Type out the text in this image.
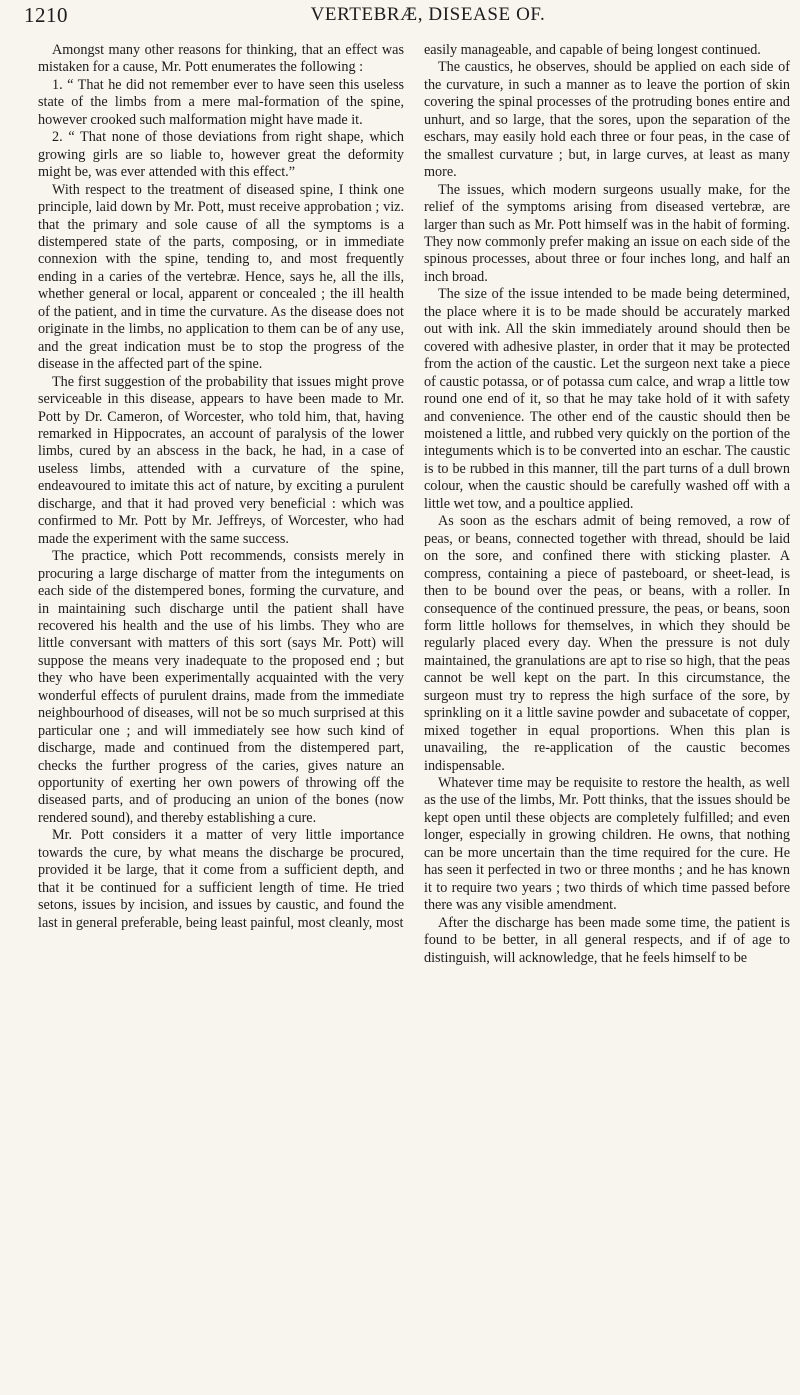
1210	VERTEBRÆ, DISEASE OF.

Amongst many other reasons for thinking, that an effect was mistaken for a cause, Mr. Pott enumerates the following :

1. “ That he did not remember ever to have seen this useless state of the limbs from a mere mal-formation of the spine, however crooked such malformation might have made it.

2. “ That none of those deviations from right shape, which growing girls are so liable to, however great the deformity might be, was ever attended with this effect.”

With respect to the treatment of diseased spine, I think one principle, laid down by Mr. Pott, must receive approbation ; viz. that the primary and sole cause of all the symptoms is a distempered state of the parts, composing, or in immediate connexion with the spine, tending to, and most frequently ending in a caries of the vertebræ. Hence, says he, all the ills, whether general or local, apparent or concealed ; the ill health of the patient, and in time the curvature. As the disease does not originate in the limbs, no application to them can be of any use, and the great indication must be to stop the progress of the disease in the affected part of the spine.

The first suggestion of the probability that issues might prove serviceable in this disease, appears to have been made to Mr. Pott by Dr. Cameron, of Worcester, who told him, that, having remarked in Hippocrates, an account of paralysis of the lower limbs, cured by an abscess in the back, he had, in a case of useless limbs, attended with a curvature of the spine, endeavoured to imitate this act of nature, by exciting a purulent discharge, and that it had proved very beneficial : which was confirmed to Mr. Pott by Mr. Jeffreys, of Worcester, who had made the experiment with the same success.

The practice, which Pott recommends, consists merely in procuring a large discharge of matter from the integuments on each side of the distempered bones, forming the curvature, and in maintaining such discharge until the patient shall have recovered his health and the use of his limbs. They who are little conversant with matters of this sort (says Mr. Pott) will suppose the means very inadequate to the proposed end ; but they who have been experimentally acquainted with the very wonderful effects of purulent drains, made from the immediate neighbourhood of diseases, will not be so much surprised at this particular one ; and will immediately see how such kind of discharge, made and continued from the distempered part, checks the further progress of the caries, gives nature an opportunity of exerting her own powers of throwing off the diseased parts, and of producing an union of the bones (now rendered sound), and thereby establishing a cure.

Mr. Pott considers it a matter of very little importance towards the cure, by what means the discharge be procured, provided it be large, that it come from a sufficient depth, and that it be continued for a sufficient length of time. He tried setons, issues by incision, and issues by caustic, and found the last in general preferable, being least painful, most cleanly, most

easily manageable, and capable of being longest continued.

The caustics, he observes, should be applied on each side of the curvature, in such a manner as to leave the portion of skin covering the spinal processes of the protruding bones entire and unhurt, and so large, that the sores, upon the separation of the eschars, may easily hold each three or four peas, in the case of the smallest curvature ; but, in large curves, at least as many more.

The issues, which modern surgeons usually make, for the relief of the symptoms arising from diseased vertebræ, are larger than such as Mr. Pott himself was in the habit of forming. They now commonly prefer making an issue on each side of the spinous processes, about three or four inches long, and half an inch broad.

The size of the issue intended to be made being determined, the place where it is to be made should be accurately marked out with ink. All the skin immediately around should then be covered with adhesive plaster, in order that it may be protected from the action of the caustic. Let the surgeon next take a piece of caustic potassa, or of potassa cum calce, and wrap a little tow round one end of it, so that he may take hold of it with safety and convenience. The other end of the caustic should then be moistened a little, and rubbed very quickly on the portion of the integuments which is to be converted into an eschar. The caustic is to be rubbed in this manner, till the part turns of a dull brown colour, when the caustic should be carefully washed off with a little wet tow, and a poultice applied.

As soon as the eschars admit of being removed, a row of peas, or beans, connected together with thread, should be laid on the sore, and confined there with sticking plaster. A compress, containing a piece of pasteboard, or sheet-lead, is then to be bound over the peas, or beans, with a roller. In consequence of the continued pressure, the peas, or beans, soon form little hollows for themselves, in which they should be regularly placed every day. When the pressure is not duly maintained, the granulations are apt to rise so high, that the peas cannot be well kept on the part. In this circumstance, the surgeon must try to repress the high surface of the sore, by sprinkling on it a little savine powder and subacetate of copper, mixed together in equal proportions. When this plan is unavailing, the re-application of the caustic becomes indispensable.

Whatever time may be requisite to restore the health, as well as the use of the limbs, Mr. Pott thinks, that the issues should be kept open until these objects are completely fulfilled; and even longer, especially in growing children. He owns, that nothing can be more uncertain than the time required for the cure. He has seen it perfected in two or three months ; and he has known it to require two years ; two thirds of which time passed before there was any visible amendment.

After the discharge has been made some time, the patient is found to be better, in all general respects, and if of age to distinguish, will acknowledge, that he feels himself to be
